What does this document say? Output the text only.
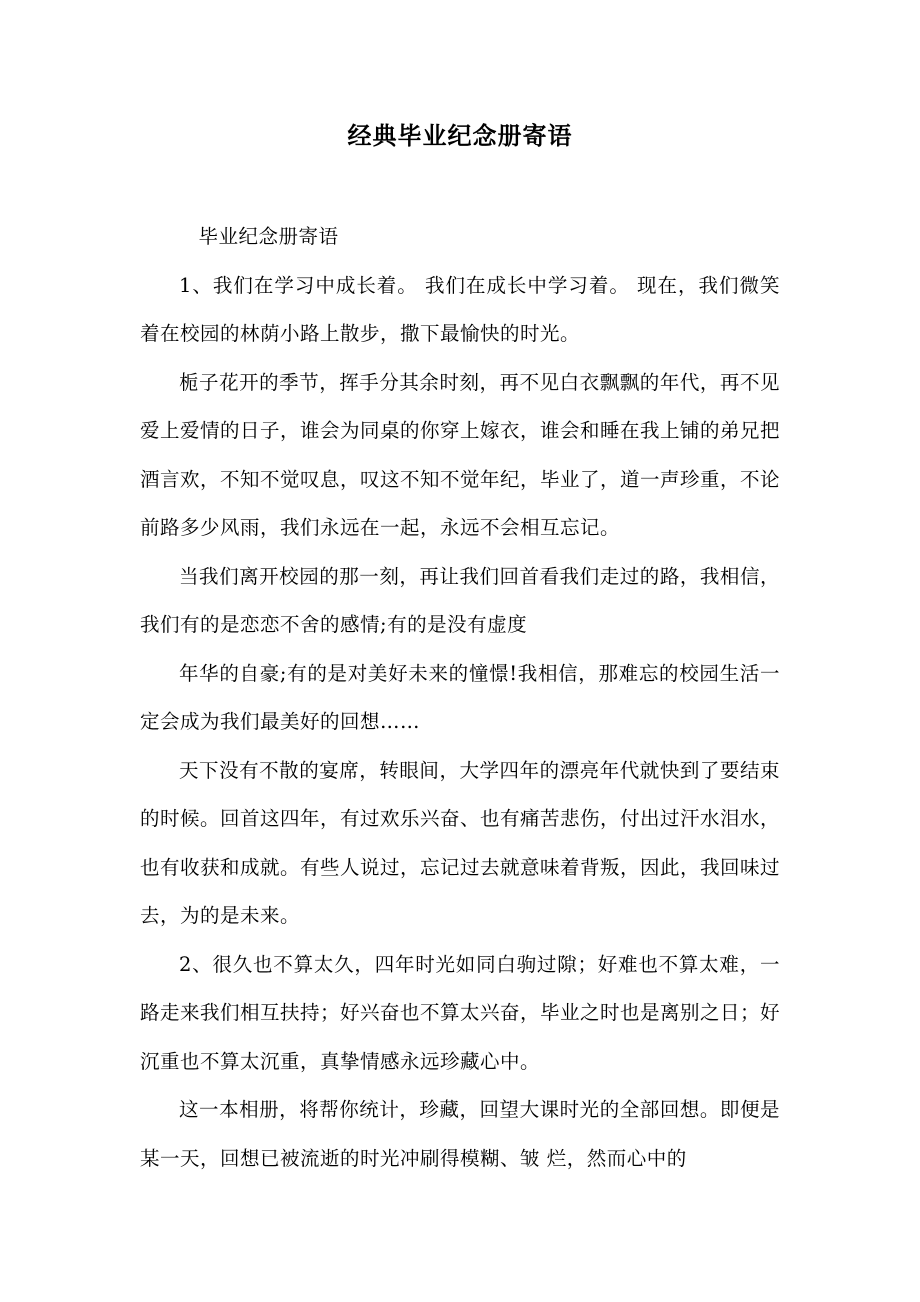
经典毕业纪念册寄语

毕业纪念册寄语

1、我们在学习中成长着。 我们在成长中学习着。 现在，我们微笑着在校园的林荫小路上散步，撒下最愉快的时光。

栀子花开的季节，挥手分其余时刻，再不见白衣飘飘的年代，再不见爱上爱情的日子，谁会为同桌的你穿上嫁衣，谁会和睡在我上铺的弟兄把酒言欢，不知不觉叹息，叹这不知不觉年纪，毕业了，道一声珍重，不论前路多少风雨，我们永远在一起，永远不会相互忘记。

当我们离开校园的那一刻，再让我们回首看我们走过的路，我相信，我们有的是恋恋不舍的感情;有的是没有虚度

年华的自豪;有的是对美好未来的憧憬!我相信，那难忘的校园生活一定会成为我们最美好的回想……

天下没有不散的宴席，转眼间，大学四年的漂亮年代就快到了要结束的时候。回首这四年，有过欢乐兴奋、也有痛苦悲伤，付出过汗水泪水，也有收获和成就。有些人说过，忘记过去就意味着背叛，因此，我回味过去，为的是未来。

2、很久也不算太久，四年时光如同白驹过隙；好难也不算太难，一路走来我们相互扶持；好兴奋也不算太兴奋，毕业之时也是离别之日；好沉重也不算太沉重，真挚情感永远珍藏心中。

这一本相册，将帮你统计，珍藏，回望大课时光的全部回想。即便是某一天，回想已被流逝的时光冲刷得模糊、皱 烂，然而心中的
